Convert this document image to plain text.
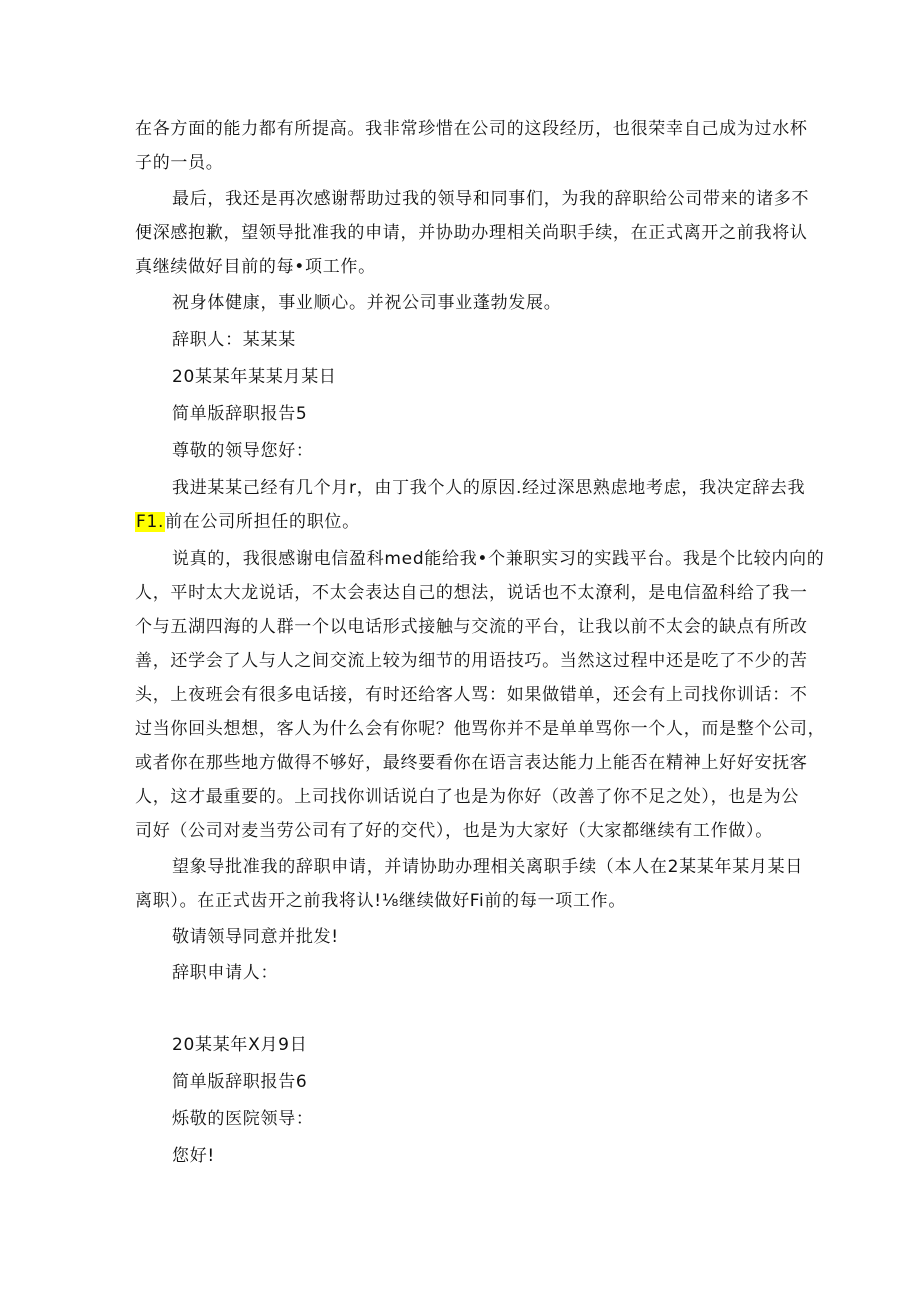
在各方面的能力都有所提高。我非常珍惜在公司的这段经历，也很荣幸自己成为过水杯

子的一员。

最后，我还是再次感谢帮助过我的领导和同事们，为我的辞职给公司带来的诸多不

便深感抱歉，望领导批准我的申请，并协助办理相关尚职手续，在正式离开之前我将认

真继续做好目前的每•项工作。

祝身体健康，事业顺心。并祝公司事业蓬勃发展。

辞职人：某某某

20某某年某某月某日

简单版辞职报告5

尊敬的领导您好：

我进某某己经有几个月r，由丁我个人的原因.经过深思熟虑地考虑，我决定辞去我

F1.前在公司所担任的职位。

说真的，我很感谢电信盈科med能给我•个兼职实习的实践平台。我是个比较内向的

人，平时太大龙说话，不太会表达自己的想法，说话也不太潦利，是电信盈科给了我一

个与五湖四海的人群一个以电话形式接触与交流的平台，让我以前不太会的缺点有所改

善，还学会了人与人之间交流上较为细节的用语技巧。当然这过程中还是吃了不少的苦

头，上夜班会有很多电话接，有时还给客人骂：如果做错单，还会有上司找你训话：不

过当你回头想想，客人为什么会有你呢？他骂你并不是单单骂你一个人，而是整个公司，

或者你在那些地方做得不够好，最终要看你在语言表达能力上能否在精神上好好安抚客

人，这才最重要的。上司找你训话说白了也是为你好（改善了你不足之处），也是为公

司好（公司对麦当劳公司有了好的交代），也是为大家好（大家都继续有工作做）。

望象导批准我的辞职申请，并请协助办理相关离职手续（本人在2某某年某月某日

离职）。在正式齿开之前我将认!⅛继续做好Fi前的每一项工作。

敬请领导同意并批发!

辞职申请人：

20某某年X月9日

简单版辞职报告6

烁敬的医院领导：

您好!
